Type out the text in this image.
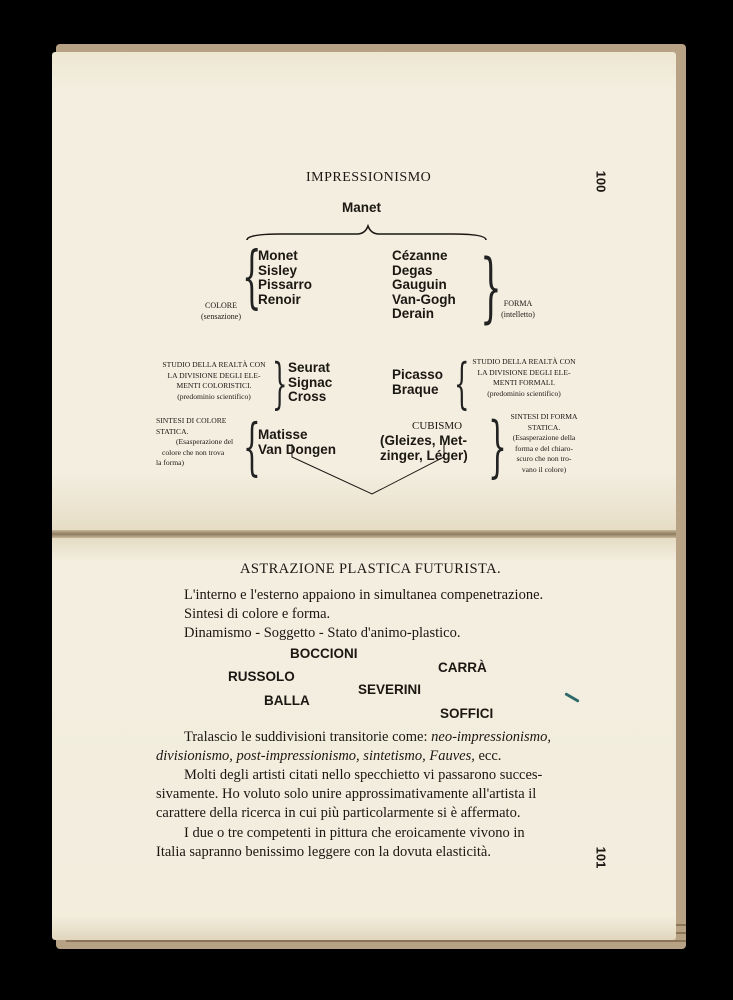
IMPRESSIONISMO	100
Manet
COLORE
(sensazione) {
Monet
Sisley
Pissarro
Renoir
Cézanne
Degas
Gauguin
Van-Gogh
Derain } FORMA
(intelletto)
STUDIO DELLA REALTÀ CON
LA DIVISIONE DEGLI ELE-
MENTI COLORISTICI.
(predominio scientifico) } Seurat
Signac
Cross
Picasso
Braque { STUDIO DELLA REALTÀ CON
LA DIVISIONE DEGLI ELE-
MENTI FORMALI.
(predominio scientifico)
SINTESI DI COLORE
STATICA.
(Esasperazione del
colore che non trova
la forma) {
Matisse
Van Dongen
CUBISMO
(Gleizes, Met-
zinger, Léger) } SINTESI DI FORMA
STATICA.
(Esasperazione della
forma e del chiaro-
scuro che non tro-
vano il colore)
ASTRAZIONE PLASTICA FUTURISTA.
L'interno e l'esterno appaiono in simultanea compenetrazione.
Sintesi di colore e forma.
Dinamismo - Soggetto - Stato d'animo-plastico.
BOCCIONI
CARRÀ
RUSSOLO
SEVERINI
BALLA
SOFFICI
Tralascio le suddivisioni transitorie come: neo-impressionismo,
divisionismo, post-impressionismo, sintetismo, Fauves, ecc.
Molti degli artisti citati nello specchietto vi passarono succes-
sivamente. Ho voluto solo unire approssimativamente all'artista il
carattere della ricerca in cui più particolarmente si è affermato.
I due o tre competenti in pittura che eroicamente vivono in
Italia sapranno benissimo leggere con la dovuta elasticità.	101
